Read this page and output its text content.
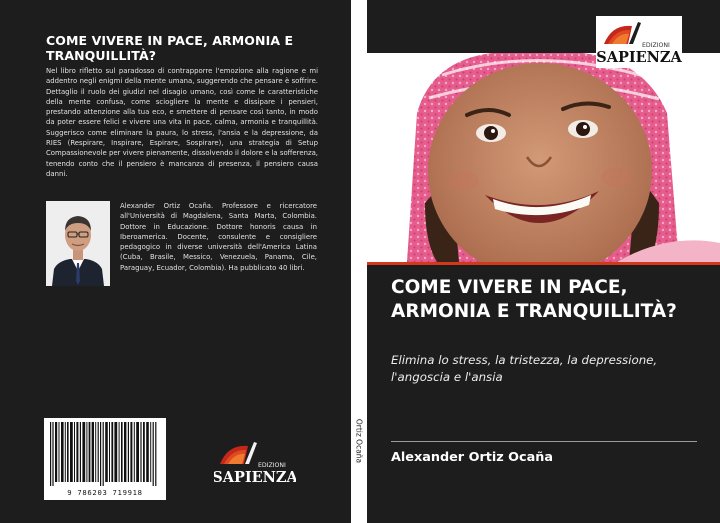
COME VIVERE IN PACE, ARMONIA E TRANQUILLITÀ?

Nel libro rifletto sul paradosso di contrapporre l'emozione alla ragione e mi addentro negli enigmi della mente umana, suggerendo che pensare è soffrire. Dettaglio il ruolo dei giudizi nel disagio umano, così come le caratteristiche della mente confusa, come sciogliere la mente e dissipare i pensieri, prestando attenzione alla tua eco, e smettere di pensare così tanto, in modo da poter essere felici e vivere una vita in pace, calma, armonia e tranquillità. Suggerisco come eliminare la paura, lo stress, l'ansia e la depressione, da RIES (Respirare, Inspirare, Espirare, Sospirare), una strategia di Setup Compassionevole per vivere pienamente, dissolvendo il dolore e la sofferenza, tenendo conto che il pensiero è mancanza di presenza, il pensiero causa danni.

Alexander Ortiz Ocaña. Professore e ricercatore all'Università di Magdalena, Santa Marta, Colombia. Dottore in Educazione. Dottore honoris causa in Iberoamerica. Docente, consulente e consigliere pedagogico in diverse università dell'America Latina (Cuba, Brasile, Messico, Venezuela, Panama, Cile, Paraguay, Ecuador, Colombia). Ha pubblicato 40 libri.

9 786203 719918
EDIZIONI
SAPIENZA
Ortiz Ocaña
EDIZIONI
SAPIENZA
COME VIVERE IN PACE, ARMONIA E TRANQUILLITÀ?

Elimina lo stress, la tristezza, la depressione, l'angoscia e l'ansia

Alexander Ortiz Ocaña
